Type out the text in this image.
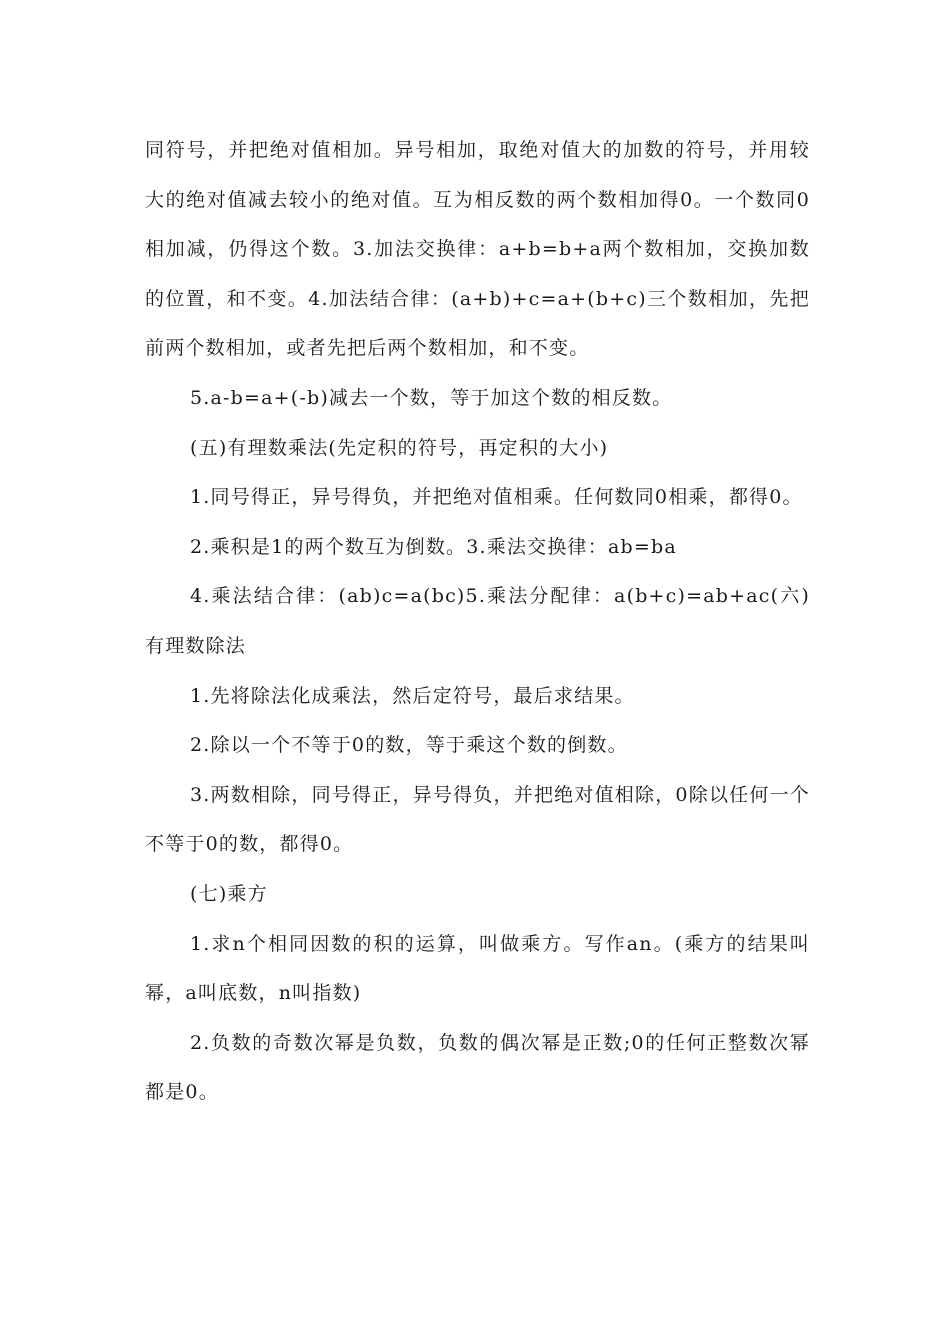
同符号，并把绝对值相加。异号相加，取绝对值大的加数的符号，并用较大的绝对值减去较小的绝对值。互为相反数的两个数相加得0。一个数同0相加减，仍得这个数。3.加法交换律：a+b=b+a两个数相加，交换加数的位置，和不变。4.加法结合律：(a+b)+c=a+(b+c)三个数相加，先把前两个数相加，或者先把后两个数相加，和不变。

5.a-b=a+(-b)减去一个数，等于加这个数的相反数。

(五)有理数乘法(先定积的符号，再定积的大小)

1.同号得正，异号得负，并把绝对值相乘。任何数同0相乘，都得0。

2.乘积是1的两个数互为倒数。3.乘法交换律：ab=ba

4.乘法结合律：(ab)c=a(bc)5.乘法分配律：a(b+c)=ab+ac(六)有理数除法

1.先将除法化成乘法，然后定符号，最后求结果。

2.除以一个不等于0的数，等于乘这个数的倒数。

3.两数相除，同号得正，异号得负，并把绝对值相除，0除以任何一个不等于0的数，都得0。

(七)乘方

1.求n个相同因数的积的运算，叫做乘方。写作an。(乘方的结果叫幂，a叫底数，n叫指数)

2.负数的奇数次幂是负数，负数的偶次幂是正数;0的任何正整数次幂都是0。
